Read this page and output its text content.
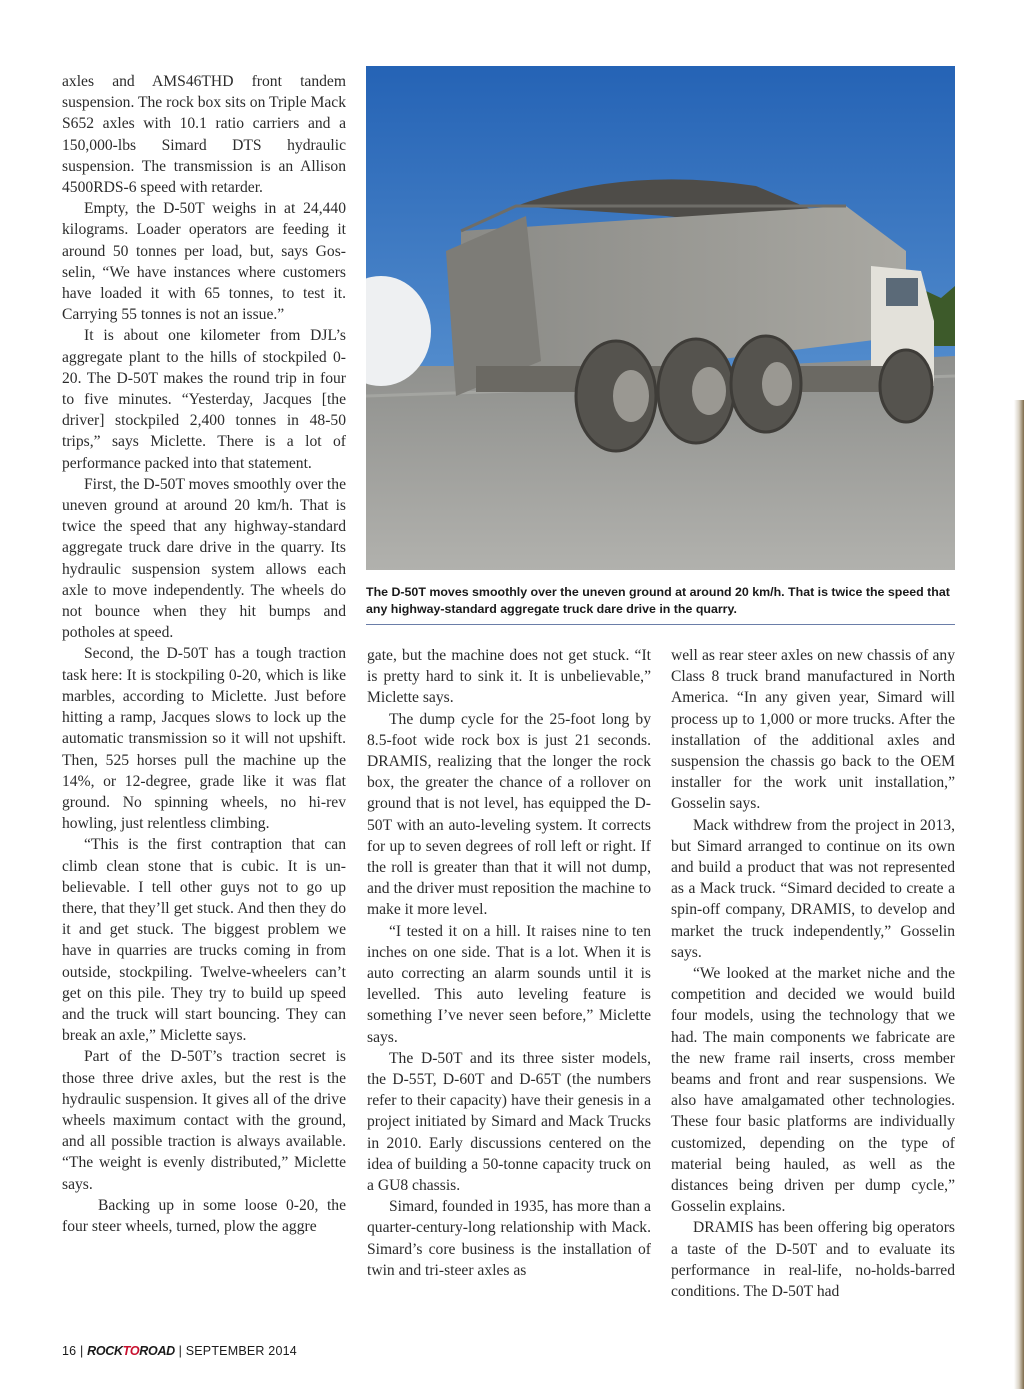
axles and AMS46THD front tandem suspension. The rock box sits on Triple Mack S652 axles with 10.1 ratio carriers and a 150,000-lbs Simard DTS hydraulic suspension. The transmission is an Allison 4500RDS-6 speed with retarder.

Empty, the D-50T weighs in at 24,440 kilograms. Loader operators are feeding it around 50 tonnes per load, but, says Gosselin, “We have instances where customers have loaded it with 65 tonnes, to test it. Carrying 55 tonnes is not an issue.”

It is about one kilometer from DJL’s aggregate plant to the hills of stockpiled 0-20. The D-50T makes the round trip in four to five minutes. “Yesterday, Jacques [the driver] stockpiled 2,400 tonnes in 48-50 trips,” says Miclette. There is a lot of performance packed into that statement.

First, the D-50T moves smoothly over the uneven ground at around 20 km/h. That is twice the speed that any highway-standard aggregate truck dare drive in the quarry. Its hydraulic suspension system allows each axle to move independently. The wheels do not bounce when they hit bumps and potholes at speed.

Second, the D-50T has a tough traction task here: It is stockpiling 0-20, which is like marbles, according to Miclette. Just before hitting a ramp, Jacques slows to lock up the automatic transmission so it will not upshift. Then, 525 horses pull the machine up the 14%, or 12-degree, grade like it was flat ground. No spinning wheels, no hi-rev howling, just relentless climbing.

“This is the first contraption that can climb clean stone that is cubic. It is unbelievable. I tell other guys not to go up there, that they’ll get stuck. And then they do it and get stuck. The biggest problem we have in quarries are trucks coming in from outside, stockpiling. Twelve-wheelers can’t get on this pile. They try to build up speed and the truck will start bouncing. They can break an axle,” Miclette says.

Part of the D-50T’s traction secret is those three drive axles, but the rest is the hydraulic suspension. It gives all of the drive wheels maximum contact with the ground, and all possible traction is always available. “The weight is evenly distributed,” Miclette says.

Backing up in some loose 0-20, the four steer wheels, turned, plow the aggre

The D-50T moves smoothly over the uneven ground at around 20 km/h. That is twice the speed that any highway-standard aggregate truck dare drive in the quarry.

gate, but the machine does not get stuck. “It is pretty hard to sink it. It is unbelievable,” Miclette says.

The dump cycle for the 25-foot long by 8.5-foot wide rock box is just 21 seconds. DRAMIS, realizing that the longer the rock box, the greater the chance of a rollover on ground that is not level, has equipped the D-50T with an auto-leveling system. It corrects for up to seven degrees of roll left or right. If the roll is greater than that it will not dump, and the driver must reposition the machine to make it more level.

“I tested it on a hill. It raises nine to ten inches on one side. That is a lot. When it is auto correcting an alarm sounds until it is levelled. This auto leveling feature is something I’ve never seen before,” Miclette says.

The D-50T and its three sister models, the D-55T, D-60T and D-65T (the numbers refer to their capacity) have their genesis in a project initiated by Simard and Mack Trucks in 2010. Early discussions centered on the idea of building a 50-tonne capacity truck on a GU8 chassis.

Simard, founded in 1935, has more than a quarter-century-long relationship with Mack. Simard’s core business is the installation of twin and tri-steer axles as

well as rear steer axles on new chassis of any Class 8 truck brand manufactured in North America. “In any given year, Simard will process up to 1,000 or more trucks. After the installation of the additional axles and suspension the chassis go back to the OEM installer for the work unit installation,” Gosselin says.

Mack withdrew from the project in 2013, but Simard arranged to continue on its own and build a product that was not represented as a Mack truck. “Simard decided to create a spin-off company, DRAMIS, to develop and market the truck independently,” Gosselin says.

“We looked at the market niche and the competition and decided we would build four models, using the technology that we had. The main components we fabricate are the new frame rail inserts, cross member beams and front and rear suspensions. We also have amalgamated other technologies. These four basic platforms are individually customized, depending on the type of material being hauled, as well as the distances being driven per dump cycle,” Gosselin explains.

DRAMIS has been offering big operators a taste of the D-50T and to evaluate its performance in real-life, no-holds-barred conditions. The D-50T had

16 | ROCKTOROAD | SEPTEMBER 2014
